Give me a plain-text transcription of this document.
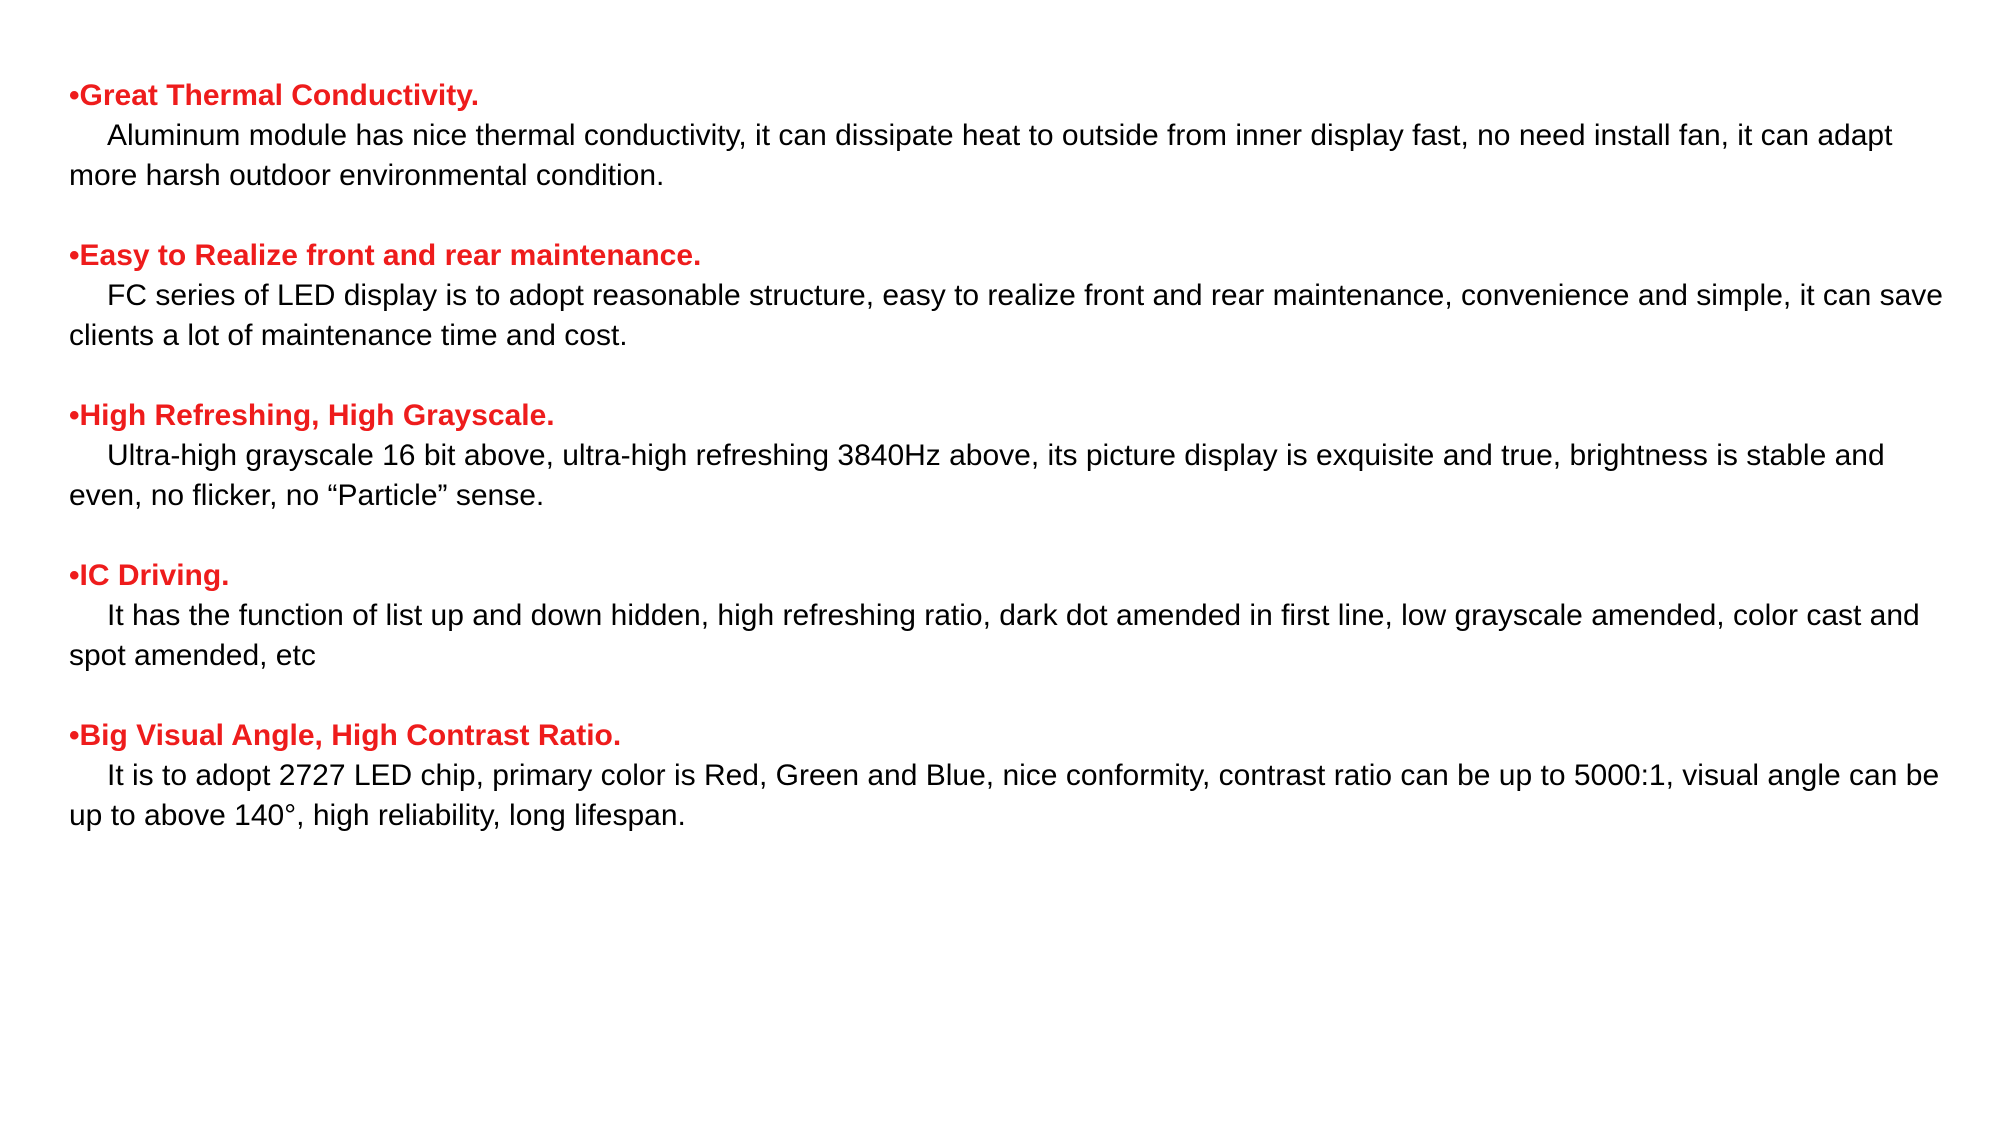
•Great Thermal Conductivity.

Aluminum module has nice thermal conductivity, it can dissipate heat to outside from inner display fast, no need install fan, it can adapt more harsh outdoor environmental condition.

•Easy to Realize front and rear maintenance.

FC series of LED display is to adopt reasonable structure, easy to realize front and rear maintenance, convenience and simple, it can save clients a lot of maintenance time and cost.

•High Refreshing, High Grayscale.

Ultra-high grayscale 16 bit above, ultra-high refreshing 3840Hz above, its picture display is exquisite and true, brightness is stable and even, no flicker, no “Particle” sense.

•IC Driving.

It has the function of list up and down hidden, high refreshing ratio, dark dot amended in first line, low grayscale amended, color cast and spot amended, etc

•Big Visual Angle, High Contrast Ratio.

It is to adopt 2727 LED chip, primary color is Red, Green and Blue, nice conformity, contrast ratio can be up to 5000:1, visual angle can be up to above 140°, high reliability, long lifespan.
